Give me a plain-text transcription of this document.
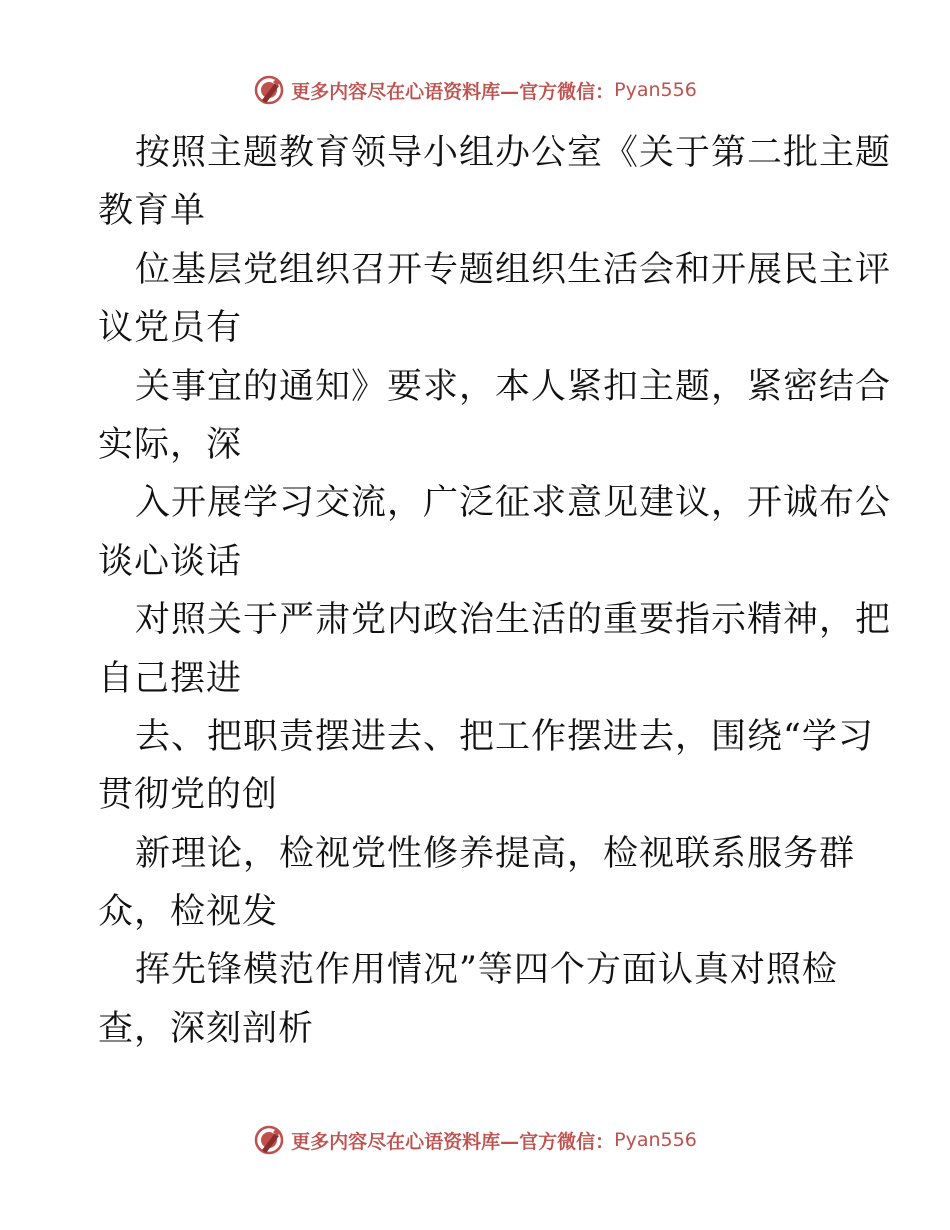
更多内容尽在心语资料库—官方微信： Pyan556
按照主题教育领导小组办公室《关于第二批主题
教育单
位基层党组织召开专题组织生活会和开展民主评
议党员有
关事宜的通知》要求，本人紧扣主题，紧密结合
实际，深
入开展学习交流，广泛征求意见建议，开诚布公
谈心谈话
对照关于严肃党内政治生活的重要指示精神，把
自己摆进
去、把职责摆进去、把工作摆进去，围绕“学习
贯彻党的创
新理论，检视党性修养提高，检视联系服务群
众，检视发
挥先锋模范作用情况”等四个方面认真对照检
查，深刻剖析
更多内容尽在心语资料库—官方微信： Pyan556
